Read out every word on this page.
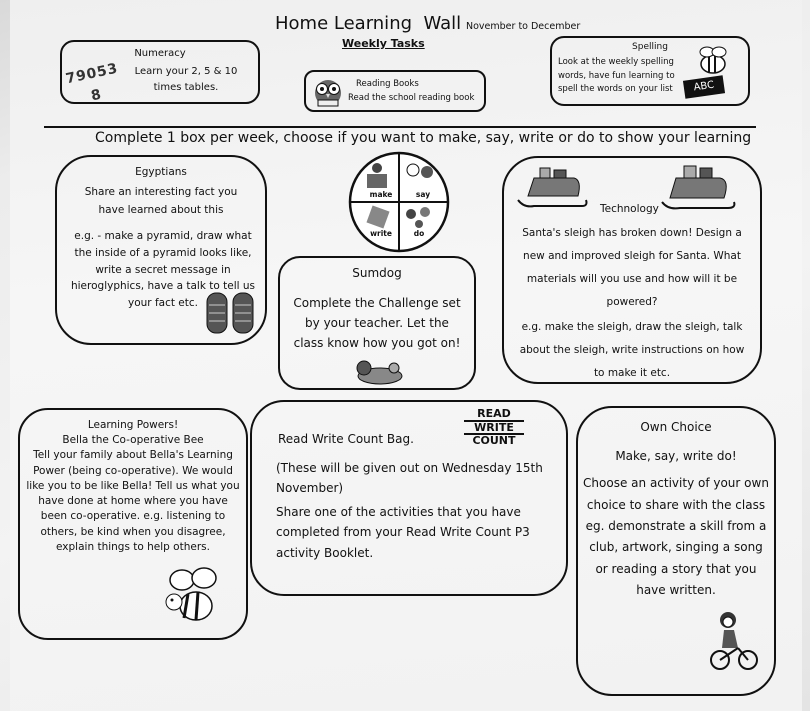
Home Learning  Wall November to December
Weekly Tasks
Numeracy
Learn your 2, 5 & 10 times tables.
7 9 0 5 3 8
Reading Books
Read the school reading book
Spelling
Look at the weekly spelling words, have fun learning to spell the words on your list	ABC
Complete 1 box per week, choose if you want to make, say, write or do to show your learning
Egyptians
Share an interesting fact you have learned about this
e.g. - make a pyramid, draw what the inside of a pyramid looks like, write a secret message in hieroglyphics, have a talk to tell us your fact etc.
make	say
write	do
Sumdog
Complete the Challenge set by your teacher. Let the class know how you got on!
Technology
Santa's sleigh has broken down! Design a new and improved sleigh for Santa. What materials will you use and how will it be powered?
e.g. make the sleigh, draw the sleigh, talk about the sleigh, write instructions on how to make it etc.
Learning Powers!
Bella the Co-operative Bee
Tell your family about Bella's Learning Power (being co-operative). We would like you to be like Bella! Tell us what you have done at home where you have been co-operative. e.g. listening to others, be kind when you disagree, explain things to help others.
Read Write Count Bag.
READ
WRITE
COUNT
(These will be given out on Wednesday 15th November)
Share one of the activities that you have completed from your Read Write Count P3 activity Booklet.
Own Choice
Make, say, write do!
Choose an activity of your own choice to share with the class eg. demonstrate a skill from a club, artwork, singing a song or reading a story that you have written.
